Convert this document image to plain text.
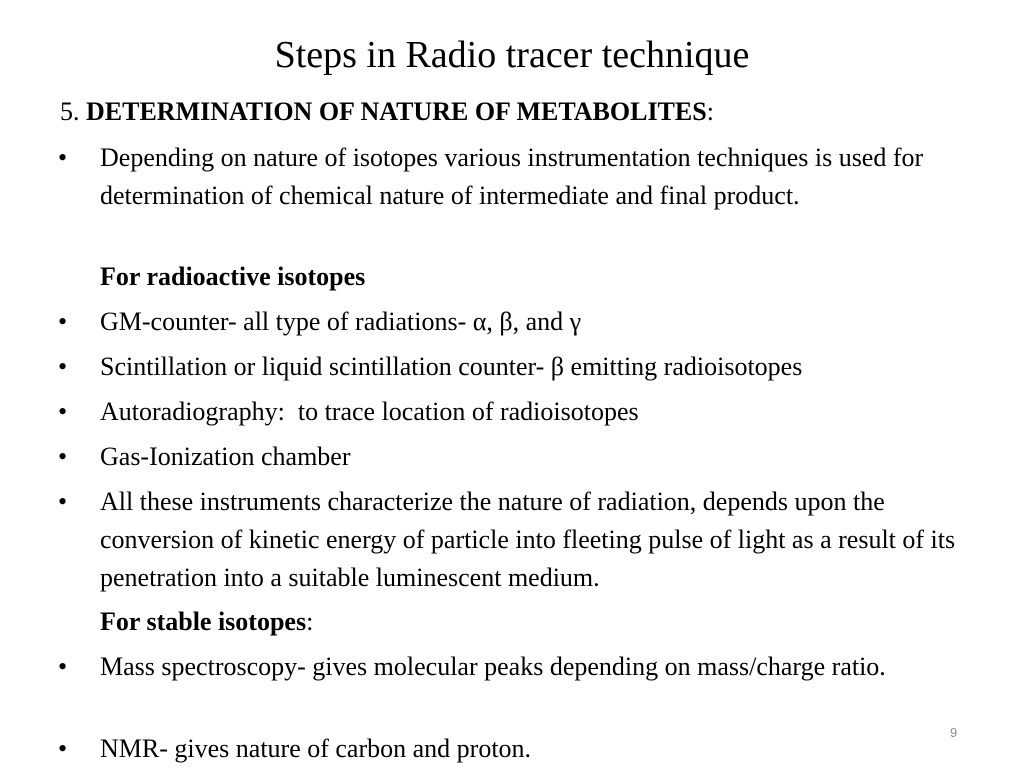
Steps in Radio tracer technique
5. DETERMINATION OF NATURE OF METABOLITES:
• Depending on nature of isotopes various instrumentation techniques is used for determination of chemical nature of intermediate and final product.
For radioactive isotopes
• GM-counter- all type of radiations- α, β, and γ
• Scintillation or liquid scintillation counter- β emitting radioisotopes
• Autoradiography:  to trace location of radioisotopes
• Gas-Ionization chamber
• All these instruments characterize the nature of radiation, depends upon the conversion of kinetic energy of particle into fleeting pulse of light as a result of its penetration into a suitable luminescent medium.
For stable isotopes:
• Mass spectroscopy- gives molecular peaks depending on mass/charge ratio.
• NMR- gives nature of carbon and proton.
9
